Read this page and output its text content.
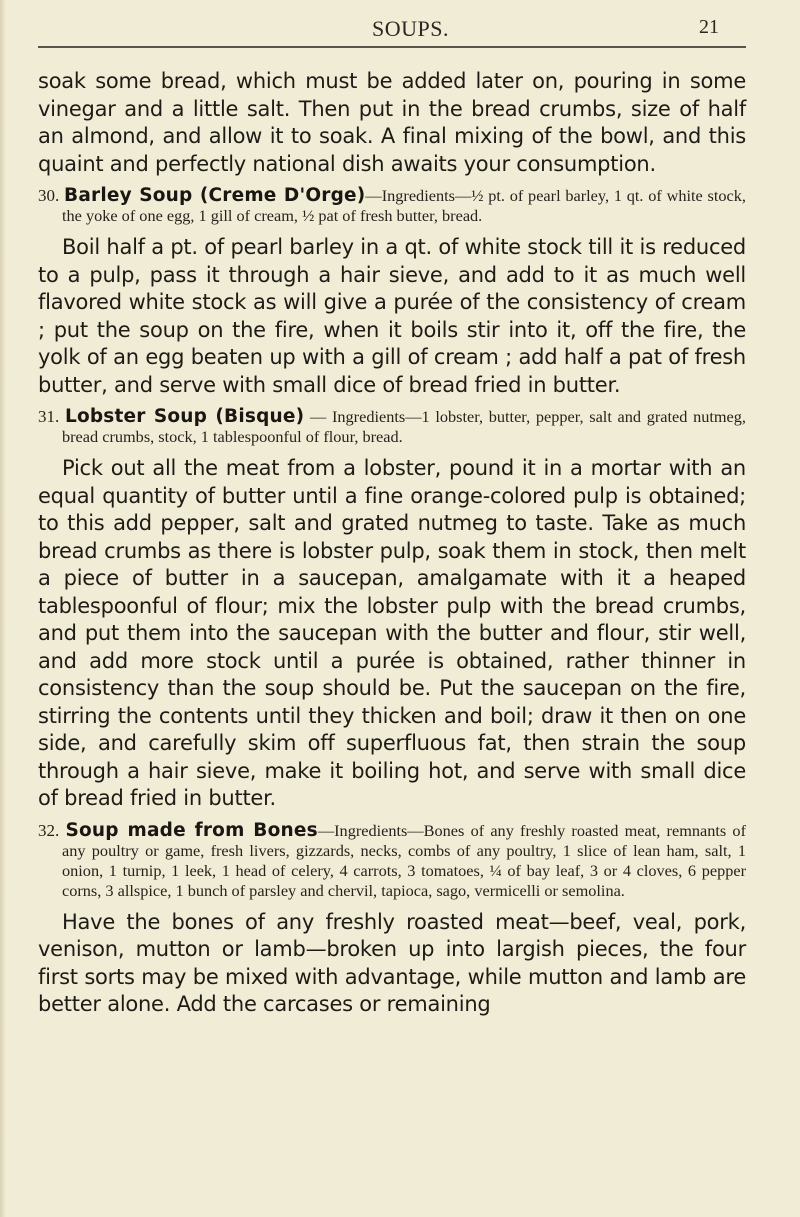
SOUPS.	21

soak some bread, which must be added later on, pouring in some vinegar and a little salt. Then put in the bread crumbs, size of half an almond, and allow it to soak. A final mixing of the bowl, and this quaint and perfectly national dish awaits your consumption.

30. Barley Soup (Creme D'Orge)—Ingredients—½ pt. of pearl barley, 1 qt. of white stock, the yoke of one egg, 1 gill of cream, ½ pat of fresh butter, bread.

Boil half a pt. of pearl barley in a qt. of white stock till it is reduced to a pulp, pass it through a hair sieve, and add to it as much well flavored white stock as will give a purée of the consistency of cream ; put the soup on the fire, when it boils stir into it, off the fire, the yolk of an egg beaten up with a gill of cream ; add half a pat of fresh butter, and serve with small dice of bread fried in butter.

31. Lobster Soup (Bisque) — Ingredients—1 lobster, butter, pepper, salt and grated nutmeg, bread crumbs, stock, 1 tablespoonful of flour, bread.

Pick out all the meat from a lobster, pound it in a mortar with an equal quantity of butter until a fine orange-colored pulp is obtained; to this add pepper, salt and grated nutmeg to taste. Take as much bread crumbs as there is lobster pulp, soak them in stock, then melt a piece of butter in a saucepan, amalgamate with it a heaped tablespoonful of flour; mix the lobster pulp with the bread crumbs, and put them into the saucepan with the butter and flour, stir well, and add more stock until a purée is obtained, rather thinner in consistency than the soup should be. Put the saucepan on the fire, stirring the contents until they thicken and boil; draw it then on one side, and carefully skim off superfluous fat, then strain the soup through a hair sieve, make it boiling hot, and serve with small dice of bread fried in butter.

32. Soup made from Bones—Ingredients—Bones of any freshly roasted meat, remnants of any poultry or game, fresh livers, gizzards, necks, combs of any poultry, 1 slice of lean ham, salt, 1 onion, 1 turnip, 1 leek, 1 head of celery, 4 carrots, 3 tomatoes, ¼ of bay leaf, 3 or 4 cloves, 6 pepper corns, 3 allspice, 1 bunch of parsley and chervil, tapioca, sago, vermicelli or semolina.

Have the bones of any freshly roasted meat—beef, veal, pork, venison, mutton or lamb—broken up into largish pieces, the four first sorts may be mixed with advantage, while mutton and lamb are better alone. Add the carcases or remaining
